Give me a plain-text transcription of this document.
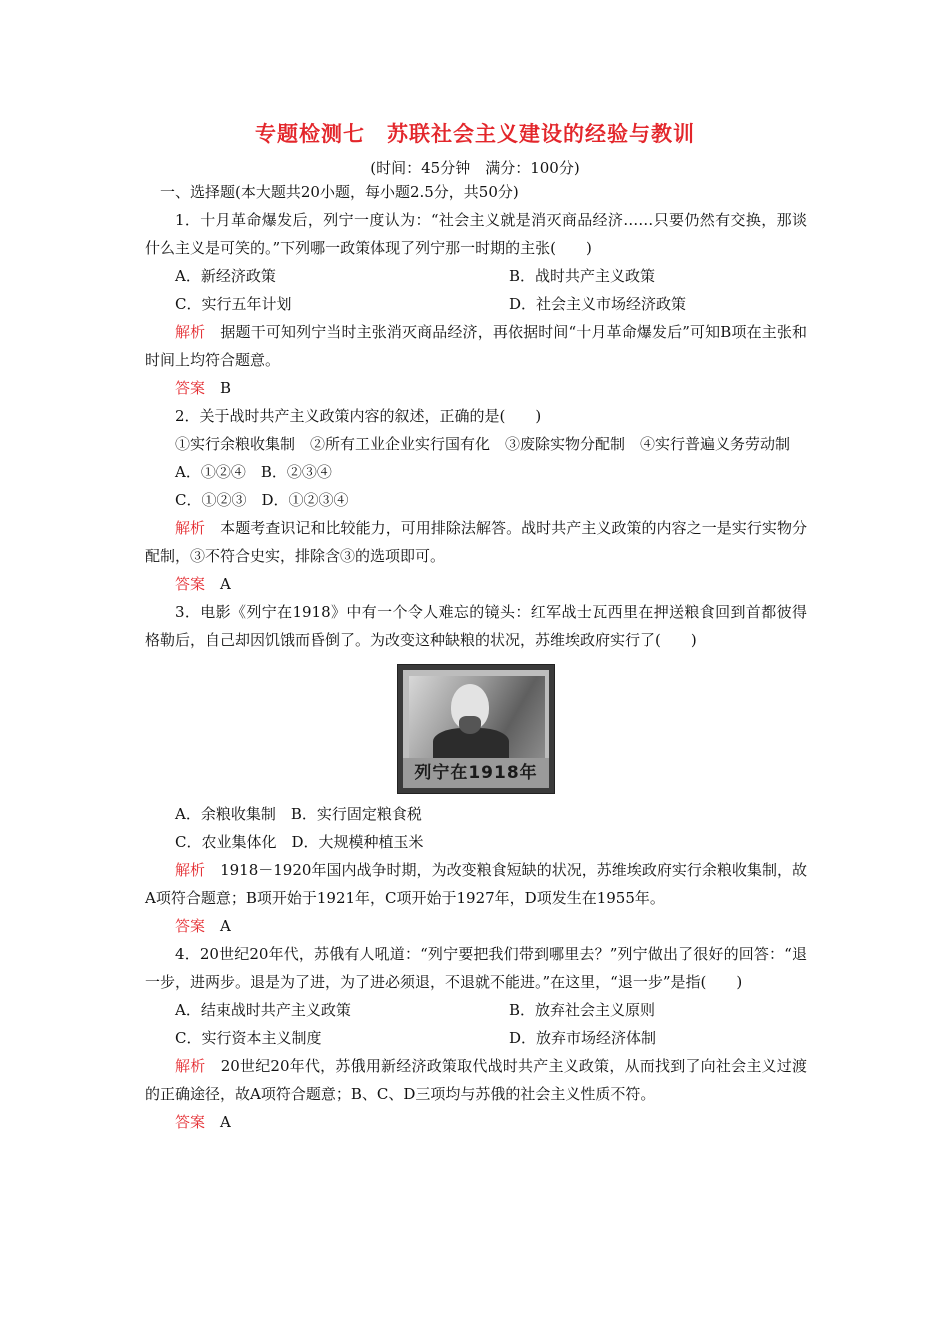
专题检测七　苏联社会主义建设的经验与教训
(时间：45分钟　满分：100分)

一、选择题(本大题共20小题，每小题2.5分，共50分)

1．十月革命爆发后，列宁一度认为：“社会主义就是消灭商品经济……只要仍然有交换，那谈什么主义是可笑的。”下列哪一政策体现了列宁那一时期的主张(　　)

A．新经济政策	B．战时共产主义政策
C．实行五年计划	D．社会主义市场经济政策

解析　 据题干可知列宁当时主张消灭商品经济，再依据时间“十月革命爆发后”可知B项在主张和时间上均符合题意。

答案　 B

2．关于战时共产主义政策内容的叙述，正确的是(　　)

①实行余粮收集制　②所有工业企业实行国有化　③废除实物分配制　④实行普遍义务劳动制

A．①②④　B．②③④
C．①②③　D．①②③④

解析　 本题考查识记和比较能力，可用排除法解答。战时共产主义政策的内容之一是实行实物分配制，③不符合史实，排除含③的选项即可。

答案　 A

3．电影《列宁在1918》中有一个令人难忘的镜头：红军战士瓦西里在押送粮食回到首都彼得格勒后，自己却因饥饿而昏倒了。为改变这种缺粮的状况，苏维埃政府实行了(　　)

列宁在1918年
A．余粮收集制　B．实行固定粮食税
C．农业集体化　D．大规模种植玉米

解析　 1918－1920年国内战争时期，为改变粮食短缺的状况，苏维埃政府实行余粮收集制，故A项符合题意；B项开始于1921年，C项开始于1927年，D项发生在1955年。

答案　 A

4．20世纪20年代，苏俄有人吼道：“列宁要把我们带到哪里去？”列宁做出了很好的回答：“退一步，进两步。退是为了进，为了进必须退，不退就不能进。”在这里，“退一步”是指(　　)

A．结束战时共产主义政策	B．放弃社会主义原则
C．实行资本主义制度	D．放弃市场经济体制

解析　 20世纪20年代，苏俄用新经济政策取代战时共产主义政策，从而找到了向社会主义过渡的正确途径，故A项符合题意；B、C、D三项均与苏俄的社会主义性质不符。

答案　 A
